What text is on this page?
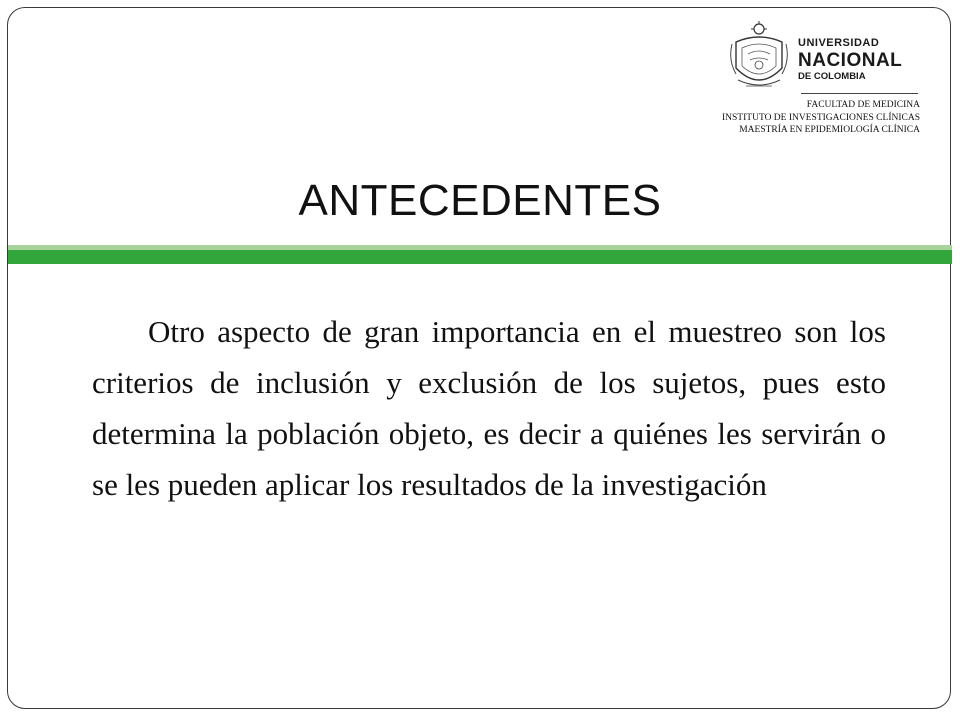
UNIVERSIDAD
NACIONAL
DE COLOMBIA
FACULTAD DE MEDICINA
INSTITUTO DE INVESTIGACIONES CLÍNICAS
MAESTRÍA EN EPIDEMIOLOGÍA CLÍNICA
ANTECEDENTES
Otro aspecto de gran importancia en el muestreo son los criterios de inclusión y exclusión de los sujetos, pues esto determina la población objeto, es decir a quiénes les servirán o se les pueden aplicar los resultados de la investigación
